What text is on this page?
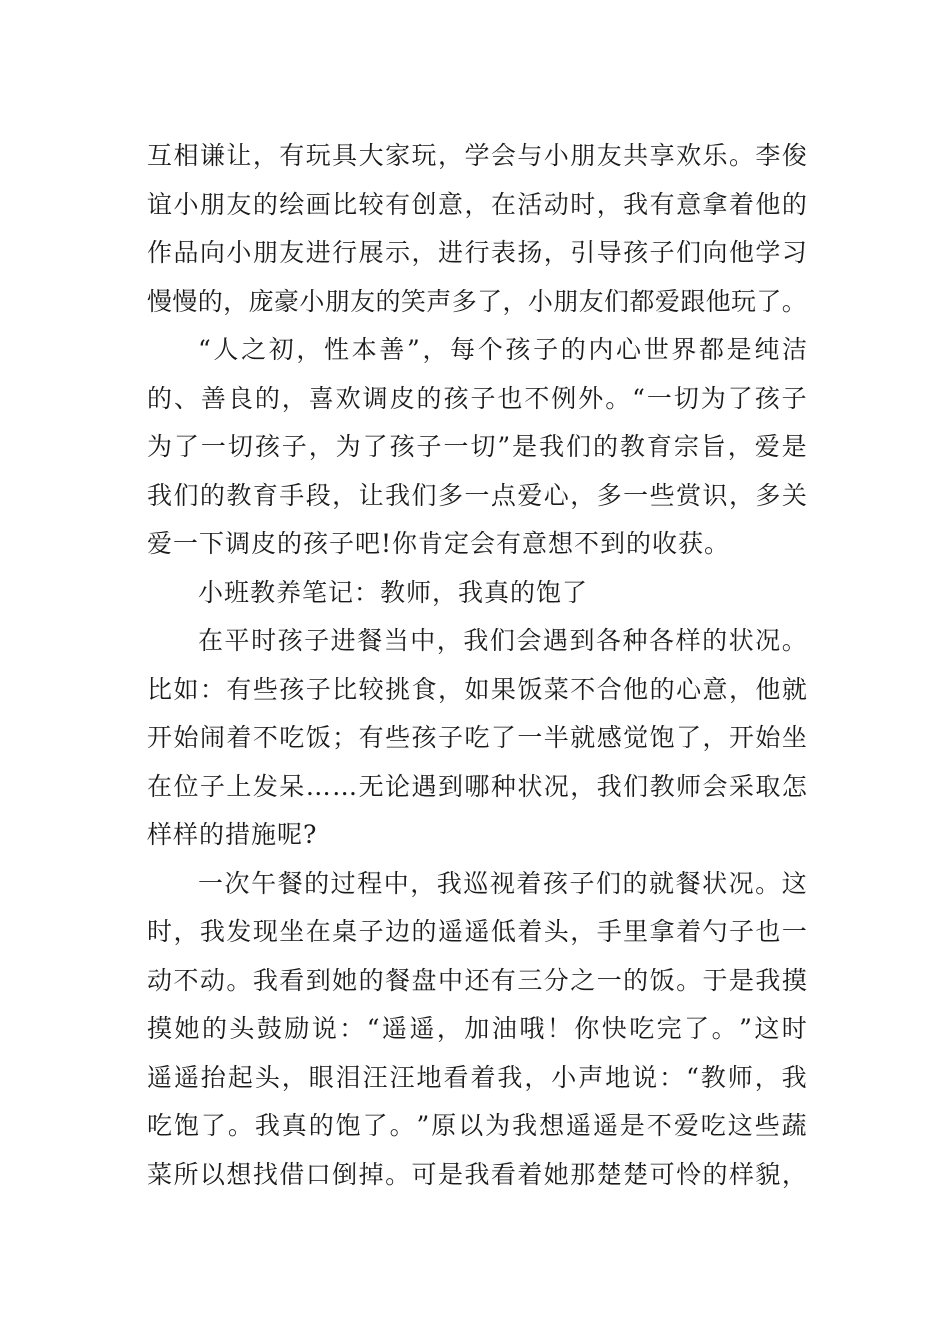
互 相 谦 让 ， 有 玩 具 大 家 玩 ， 学 会 与 小 朋 友 共 享 欢 乐 。 李 俊
谊 小 朋 友 的 绘 画 比 较 有 创 意 ， 在 活 动 时 ， 我 有 意 拿 着 他 的
作 品 向 小 朋 友 进 行 展 示 ， 进 行 表 扬 ， 引 导 孩 子 们 向 他 学 习
慢 慢 的 ， 庞 豪 小 朋 友 的 笑 声 多 了 ， 小 朋 友 们 都 爱 跟 他 玩 了 。
“ 人 之 初 ， 性 本 善 ” ， 每 个 孩 子 的 内 心 世 界 都 是 纯 洁
的 、 善 良 的 ， 喜 欢 调 皮 的 孩 子 也 不 例 外 。 “ 一 切 为 了 孩 子
为 了 一 切 孩 子 ， 为 了 孩 子 一 切 ” 是 我 们 的 教 育 宗 旨 ， 爱 是
我 们 的 教 育 手 段 ， 让 我 们 多 一 点 爱 心 ， 多 一 些 赏 识 ， 多 关
爱一下调皮的孩子吧!你肯定会有意想不到的收获。
小班教养笔记：教师，我真的饱了
在 平 时 孩 子 进 餐 当 中 ， 我 们 会 遇 到 各 种 各 样 的 状 况 。
比 如 ： 有 些 孩 子 比 较 挑 食 ， 如 果 饭 菜 不 合 他 的 心 意 ， 他 就
开 始 闹 着 不 吃 饭 ； 有 些 孩 子 吃 了 一 半 就 感 觉 饱 了 ， 开 始 坐
在 位 子 上 发 呆 … … 无 论 遇 到 哪 种 状 况 ， 我 们 教 师 会 采 取 怎
样样的措施呢?
一 次 午 餐 的 过 程 中 ， 我 巡 视 着 孩 子 们 的 就 餐 状 况 。 这
时 ， 我 发 现 坐 在 桌 子 边 的 遥 遥 低 着 头 ， 手 里 拿 着 勺 子 也 一
动 不 动 。 我 看 到 她 的 餐 盘 中 还 有 三 分 之 一 的 饭 。 于 是 我 摸
摸 她 的 头 鼓 励 说 ： “ 遥 遥 ， 加 油 哦 ！ 你 快 吃 完 了 。 ” 这 时
遥 遥 抬 起 头 ， 眼 泪 汪 汪 地 看 着 我 ， 小 声 地 说 ： “ 教 师 ， 我
吃 饱 了 。 我 真 的 饱 了 。 ” 原 以 为 我 想 遥 遥 是 不 爱 吃 这 些 蔬
菜 所 以 想 找 借 口 倒 掉 。 可 是 我 看 着 她 那 楚 楚 可 怜 的 样 貌 ，
